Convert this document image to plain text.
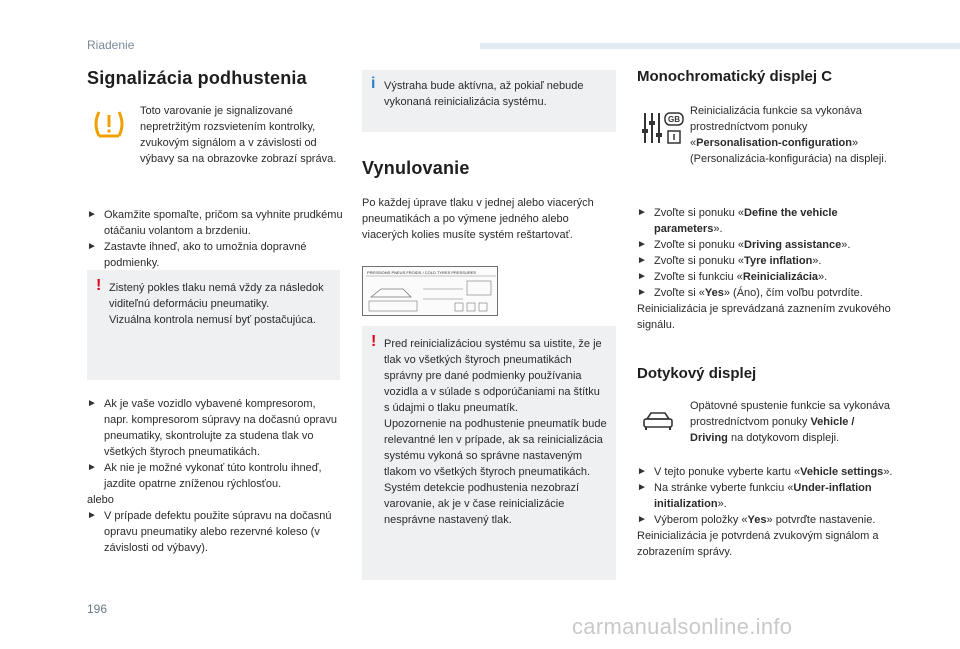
Riadenie
Signalizácia podhustenia
Toto varovanie je signalizované nepretržitým rozsvietením kontrolky, zvukovým signálom a v závislosti od výbavy sa na obrazovke zobrazí správa.
► Okamžite spomaľte, pričom sa vyhnite prudkému otáčaniu volantom a brzdeniu.
► Zastavte ihneď, ako to umožnia dopravné podmienky.
! Zistený pokles tlaku nemá vždy za následok viditeľnú deformáciu pneumatiky.
Vizuálna kontrola nemusí byť postačujúca.
► Ak je vaše vozidlo vybavené kompresorom, napr. kompresorom súpravy na dočasnú opravu pneumatiky, skontrolujte za studena tlak vo všetkých štyroch pneumatikách.
► Ak nie je možné vykonať túto kontrolu ihneď, jazdite opatrne zníženou rýchlosťou.
alebo
► V prípade defektu použite súpravu na dočasnú opravu pneumatiky alebo rezervné koleso (v závislosti od výbavy).
i Výstraha bude aktívna, až pokiaľ nebude vykonaná reinicializácia systému.
Vynulovanie
Po každej úprave tlaku v jednej alebo viacerých pneumatikách a po výmene jedného alebo viacerých kolies musíte systém reštartovať.
PRESSIONS PNEUS FROIDS / COLD TYRES PRESSURES
! Pred reinicializáciou systému sa uistite, že je tlak vo všetkých štyroch pneumatikách správny pre dané podmienky používania vozidla a v súlade s odporúčaniami na štítku s údajmi o tlaku pneumatík.
Upozornenie na podhustenie pneumatík bude relevantné len v prípade, ak sa reinicializácia systému vykoná so správne nastaveným tlakom vo všetkých štyroch pneumatikách.
Systém detekcie podhustenia nezobrazí varovanie, ak je v čase reinicializácie nesprávne nastavený tlak.
Monochromatický displej C
GB
Reinicializácia funkcie sa vykonáva prostredníctvom ponuky «Personalisation-configuration» (Personalizácia-konfigurácia) na displeji.
► Zvoľte si ponuku «Define the vehicle parameters».
► Zvoľte si ponuku «Driving assistance».
► Zvoľte si ponuku «Tyre inflation».
► Zvoľte si funkciu «Reinicializácia».
► Zvoľte si «Yes» (Áno), čím voľbu potvrdíte.
Reinicializácia je sprevádzaná zaznením zvukového signálu.
Dotykový displej
Opätovné spustenie funkcie sa vykonáva prostredníctvom ponuky Vehicle / Driving na dotykovom displeji.
► V tejto ponuke vyberte kartu «Vehicle settings».
► Na stránke vyberte funkciu «Under-inflation initialization».
► Výberom položky «Yes» potvrďte nastavenie.
Reinicializácia je potvrdená zvukovým signálom a zobrazením správy.
196
carmanualsonline.info
